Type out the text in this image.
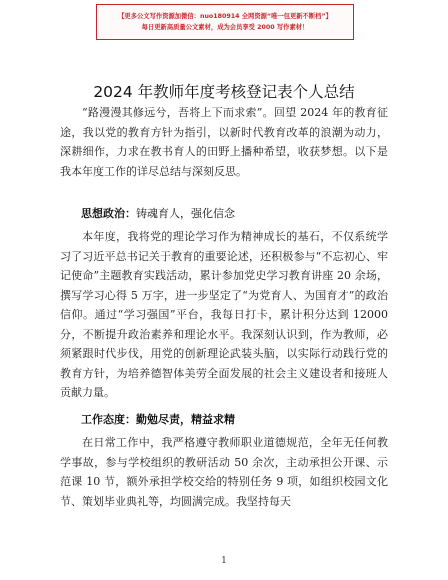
【更多公文写作资源加微信：nuo180914 全网资源“唯一包更新不断档”】
每日更新高质量公文素材，成为会员享受 2000 写作素材！
2024 年教师年度考核登记表个人总结

“路漫漫其修远兮，吾将上下而求索”。回望 2024 年的教育征途，我以党的教育方针为指引，以新时代教育改革的浪潮为动力，深耕细作，力求在教书育人的田野上播种希望，收获梦想。以下是我本年度工作的详尽总结与深刻反思。

思想政治：铸魂育人，强化信念

本年度，我将党的理论学习作为精神成长的基石，不仅系统学习了习近平总书记关于教育的重要论述，还积极参与“不忘初心、牢记使命”主题教育实践活动，累计参加党史学习教育讲座 20 余场，撰写学习心得 5 万字，进一步坚定了“为党育人、为国育才”的政治信仰。通过“学习强国”平台，我每日打卡，累计积分达到 12000 分，不断提升政治素养和理论水平。我深刻认识到，作为教师，必须紧跟时代步伐，用党的创新理论武装头脑，以实际行动践行党的教育方针，为培养德智体美劳全面发展的社会主义建设者和接班人贡献力量。

工作态度：勤勉尽责，精益求精

在日常工作中，我严格遵守教师职业道德规范，全年无任何教学事故，参与学校组织的教研活动 50 余次，主动承担公开课、示范课 10 节，额外承担学校交给的特别任务 9 项，如组织校园文化节、策划毕业典礼等，均圆满完成。我坚持每天

1
